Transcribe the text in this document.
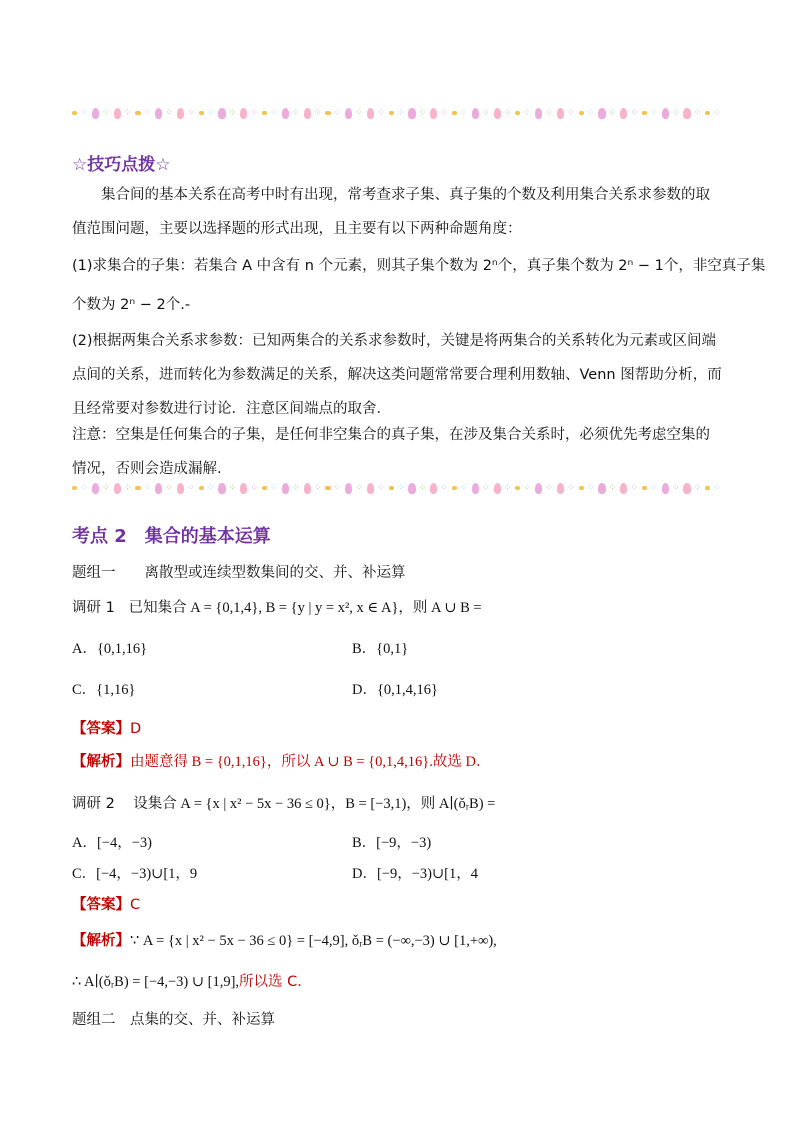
⁘ ⁘ ⁘ ⁘ ⁘ ⁘ ⁘ ⁘ ⁘ ⁘ ⁘ ⁘ ⁘ ⁘ ⁘ ⁘ ⁘ ⁘ ⁘ ⁘ ⁘ ⁘ ⁘ ⁘ ⁘ ⁘ ⁘ ⁘ ⁘ ⁘ ⁘
☆技巧点拨☆
集合间的基本关系在高考中时有出现，常考查求子集、真子集的个数及利用集合关系求参数的取值范围问题，主要以选择题的形式出现，且主要有以下两种命题角度：
(1)求集合的子集：若集合 A 中含有 n 个元素，则其子集个数为 2ⁿ个，真子集个数为 2ⁿ − 1个，非空真子集
个数为 2ⁿ − 2个.-
(2)根据两集合关系求参数：已知两集合的关系求参数时，关键是将两集合的关系转化为元素或区间端点间的关系，进而转化为参数满足的关系，解决这类问题常常要合理利用数轴、Venn 图帮助分析，而且经常要对参数进行讨论．注意区间端点的取舍．
注意：空集是任何集合的子集，是任何非空集合的真子集，在涉及集合关系时，必须优先考虑空集的情况，否则会造成漏解.
⁘ ⁘ ⁘ ⁘ ⁘ ⁘ ⁘ ⁘ ⁘ ⁘ ⁘ ⁘ ⁘ ⁘ ⁘ ⁘ ⁘ ⁘ ⁘ ⁘ ⁘ ⁘ ⁘ ⁘ ⁘ ⁘ ⁘ ⁘ ⁘ ⁘ ⁘
考点 2　集合的基本运算
题组一　　离散型或连续型数集间的交、并、补运算
调研 1 已知集合 A = {0,1,4}, B = {y | y = x², x ∈ A}，则 A ∪ B =
A．{0,1,16}	B．{0,1}
C．{1,16}	D．{0,1,4,16}
【答案】D
【解析】由题意得 B = {0,1,16}，所以 A ∪ B = {0,1,4,16}.故选 D．
调研 2 设集合 A = {x | x² − 5x − 36 ≤ 0}，B = [−3,1)，则 A∣(ǒᵣB) =
A．[−4，−3)	B．[−9，−3)
C．[−4，−3)∪[1，9	D．[−9，−3)∪[1，4
【答案】C
【解析】∵ A = {x | x² − 5x − 36 ≤ 0} = [−4,9], ǒᵣB = (−∞,−3) ∪ [1,+∞),
∴ A∣(ǒᵣB) = [−4,−3) ∪ [1,9],所以选 C．
题组二　点集的交、并、补运算
